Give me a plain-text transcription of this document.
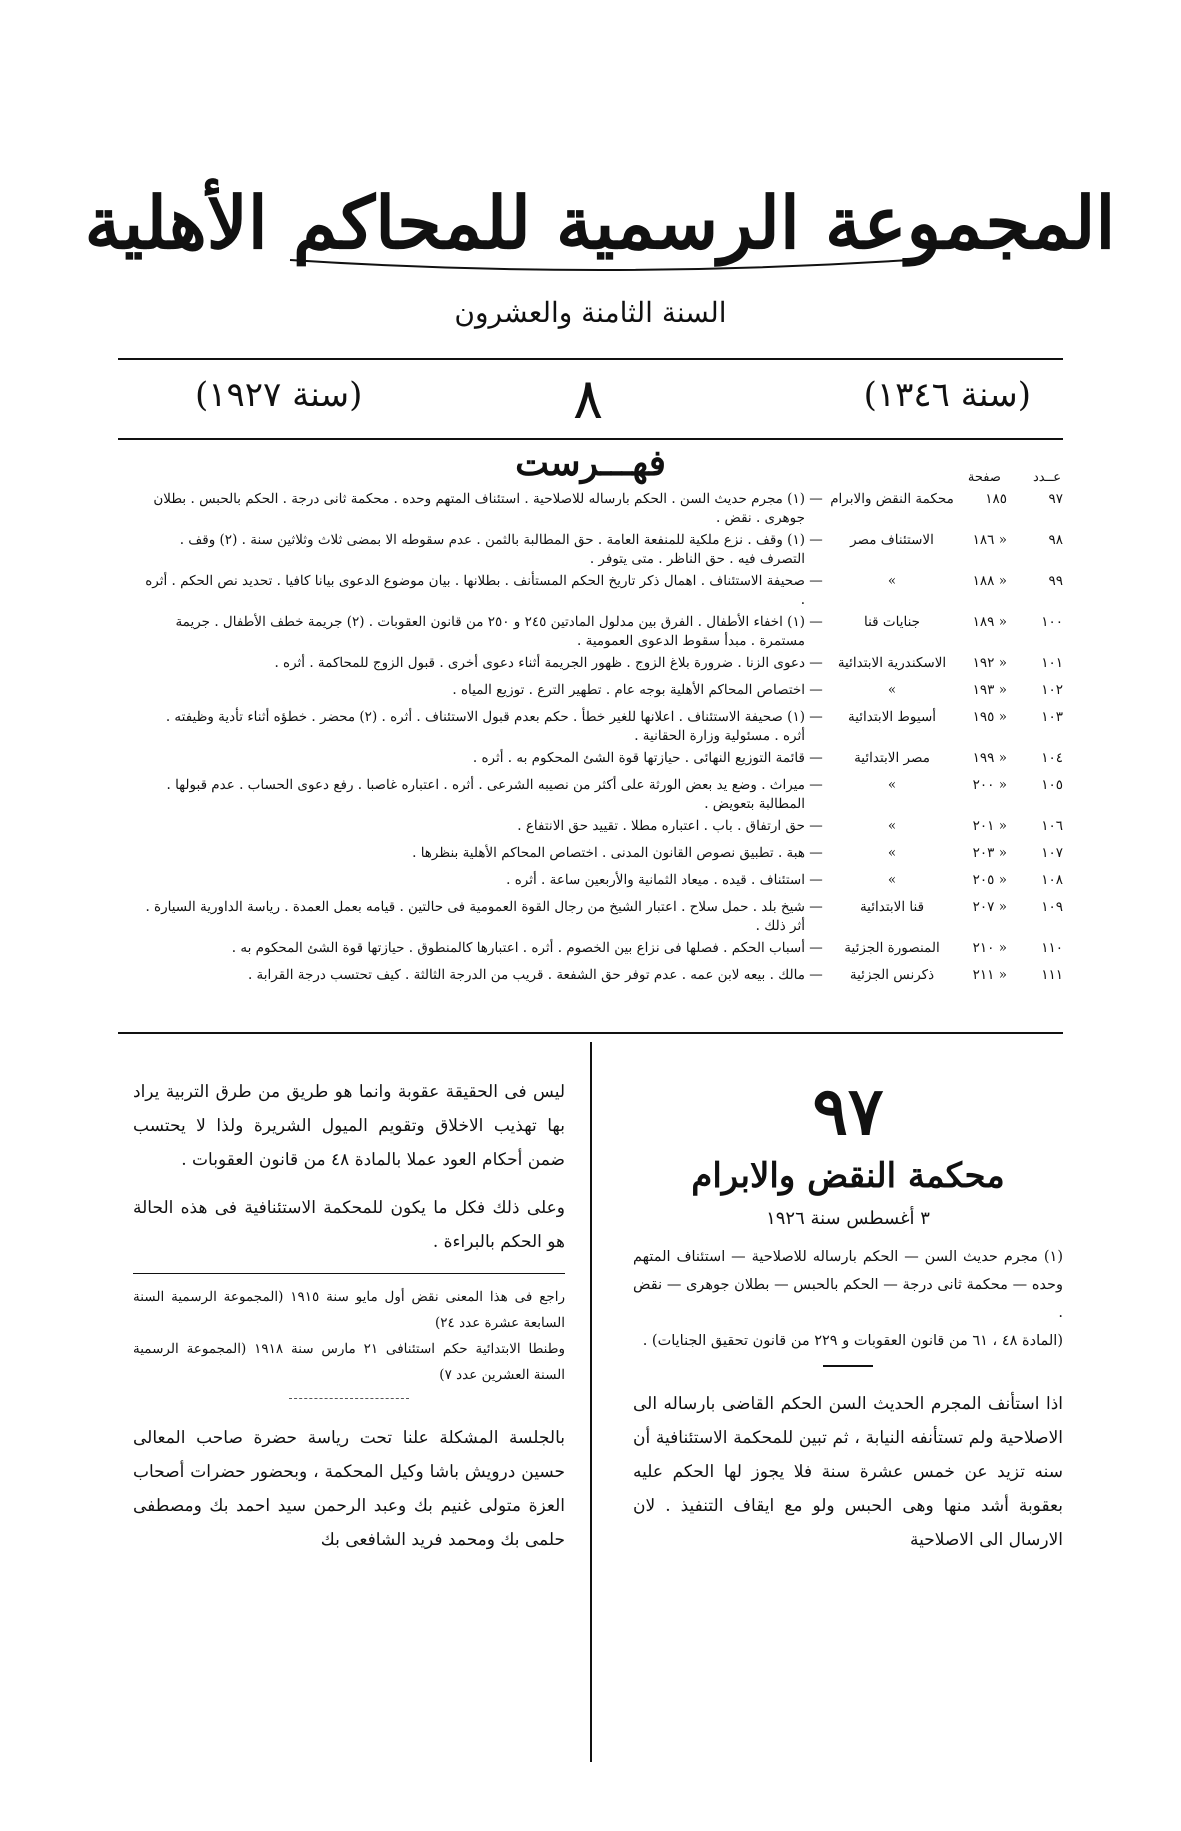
المجموعة الرسمية للمحاكم الأهلية
السنة الثامنة والعشرون
(سنة ١٣٤٦)
٨
(سنة ١٩٢٧)
فهـــرست	عــدد صفحة
٩٧
١٨٥
محكمة النقض والابرام
—
(١) مجرم حديث السن . الحكم بارساله للاصلاحية . استئناف المتهم وحده . محكمة ثانى درجة . الحكم بالحبس . بطلان جوهرى . نقض .
٩٨
« ١٨٦
الاستئناف مصر
—
(١) وقف . نزع ملكية للمنفعة العامة . حق المطالبة بالثمن . عدم سقوطه الا بمضى ثلاث وثلاثين سنة . (٢) وقف . التصرف فيه . حق الناظر . متى يتوفر .
٩٩
« ١٨٨
»
—
صحيفة الاستئناف . اهمال ذكر تاريخ الحكم المستأنف . بطلانها . بيان موضوع الدعوى بيانا كافيا . تحديد نص الحكم . أثره .
١٠٠
« ١٨٩
جنايات قنا
—
(١) اخفاء الأطفال . الفرق بين مدلول المادتين ٢٤٥ و ٢٥٠ من قانون العقوبات . (٢) جريمة خطف الأطفال . جريمة مستمرة . مبدأ سقوط الدعوى العمومية .
١٠١
« ١٩٢
الاسكندرية الابتدائية
—
دعوى الزنا . ضرورة بلاغ الزوج . ظهور الجريمة أثناء دعوى أخرى . قبول الزوج للمحاكمة . أثره .
١٠٢
« ١٩٣
»
—
اختصاص المحاكم الأهلية بوجه عام . تطهير الترع . توزيع المياه .
١٠٣
« ١٩٥
أسيوط الابتدائية
—
(١) صحيفة الاستئناف . اعلانها للغير خطأ . حكم بعدم قبول الاستئناف . أثره . (٢) محضر . خطؤه أثناء تأدية وظيفته . أثره . مسئولية وزارة الحقانية .
١٠٤
« ١٩٩
مصر الابتدائية
—
قائمة التوزيع النهائى . حيازتها قوة الشئ المحكوم به . أثره .
١٠٥
« ٢٠٠
»
—
ميراث . وضع يد بعض الورثة على أكثر من نصيبه الشرعى . أثره . اعتباره غاصبا . رفع دعوى الحساب . عدم قبولها . المطالبة بتعويض .
١٠٦
« ٢٠١
»
—
حق ارتفاق . باب . اعتباره مطلا . تقييد حق الانتفاع .
١٠٧
« ٢٠٣
»
—
هبة . تطبيق نصوص القانون المدنى . اختصاص المحاكم الأهلية بنظرها .
١٠٨
« ٢٠٥
»
—
استئناف . قيده . ميعاد الثمانية والأربعين ساعة . أثره .
١٠٩
« ٢٠٧
قنا الابتدائية
—
شيخ بلد . حمل سلاح . اعتبار الشيخ من رجال القوة العمومية فى حالتين . قيامه بعمل العمدة . رياسة الداورية السيارة . أثر ذلك .
١١٠
« ٢١٠
المنصورة الجزئية
—
أسباب الحكم . فصلها فى نزاع بين الخصوم . أثره . اعتبارها كالمنطوق . حيازتها قوة الشئ المحكوم به .
١١١
« ٢١١
ذكرنس الجزئية
—
مالك . بيعه لابن عمه . عدم توفر حق الشفعة . قريب من الدرجة الثالثة . كيف تحتسب درجة القرابة .
٩٧
محكمة النقض والابرام
٣ أغسطس سنة ١٩٢٦
(١) مجرم حديث السن — الحكم بارساله للاصلاحية — استئناف المتهم وحده — محكمة ثانى درجة — الحكم بالحبس — بطلان جوهرى — نقض .
(المادة ٤٨ ، ٦١ من قانون العقوبات و ٢٢٩ من قانون تحقيق الجنايات) .

اذا استأنف المجرم الحديث السن الحكم القاضى بارساله الى الاصلاحية ولم تستأنفه النيابة ، ثم تبين للمحكمة الاستئنافية أن سنه تزيد عن خمس عشرة سنة فلا يجوز لها الحكم عليه بعقوبة أشد منها وهى الحبس ولو مع ايقاف التنفيذ . لان الارسال الى الاصلاحية

ليس فى الحقيقة عقوبة وانما هو طريق من طرق التربية يراد بها تهذيب الاخلاق وتقويم الميول الشريرة ولذا لا يحتسب ضمن أحكام العود عملا بالمادة ٤٨ من قانون العقوبات .

وعلى ذلك فكل ما يكون للمحكمة الاستئنافية فى هذه الحالة هو الحكم بالبراءة .

راجع فى هذا المعنى نقض أول مايو سنة ١٩١٥ (المجموعة الرسمية السنة السابعة عشرة عدد ٢٤)

وطنطا الابتدائية حكم استئنافى ٢١ مارس سنة ١٩١٨ (المجموعة الرسمية السنة العشرين عدد ٧)

بالجلسة المشكلة علنا تحت رياسة حضرة صاحب المعالى حسين درويش باشا وكيل المحكمة ، وبحضور حضرات أصحاب العزة متولى غنيم بك وعبد الرحمن سيد احمد بك ومصطفى حلمى بك ومحمد فريد الشافعى بك
